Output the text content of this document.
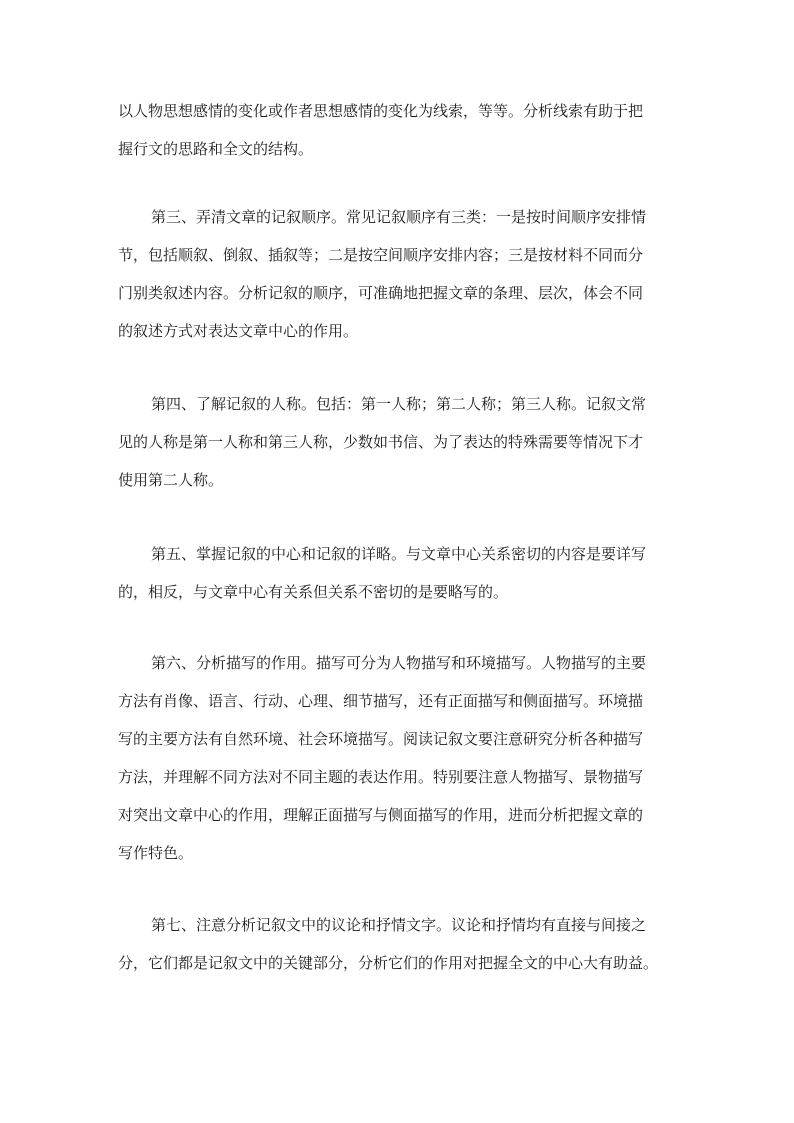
以人物思想感情的变化或作者思想感情的变化为线索，等等。分析线索有助于把
握行文的思路和全文的结构。
第三、弄清文章的记叙顺序。常见记叙顺序有三类：一是按时间顺序安排情
节，包括顺叙、倒叙、插叙等；二是按空间顺序安排内容；三是按材料不同而分
门别类叙述内容。分析记叙的顺序，可准确地把握文章的条理、层次，体会不同
的叙述方式对表达文章中心的作用。
第四、了解记叙的人称。包括：第一人称；第二人称；第三人称。记叙文常
见的人称是第一人称和第三人称，少数如书信、为了表达的特殊需要等情况下才
使用第二人称。
第五、掌握记叙的中心和记叙的详略。与文章中心关系密切的内容是要详写
的，相反，与文章中心有关系但关系不密切的是要略写的。
第六、分析描写的作用。描写可分为人物描写和环境描写。人物描写的主要
方法有肖像、语言、行动、心理、细节描写，还有正面描写和侧面描写。环境描
写的主要方法有自然环境、社会环境描写。阅读记叙文要注意研究分析各种描写
方法，并理解不同方法对不同主题的表达作用。特别要注意人物描写、景物描写
对突出文章中心的作用，理解正面描写与侧面描写的作用，进而分析把握文章的
写作特色。
第七、注意分析记叙文中的议论和抒情文字。议论和抒情均有直接与间接之
分，它们都是记叙文中的关键部分，分析它们的作用对把握全文的中心大有助益。
